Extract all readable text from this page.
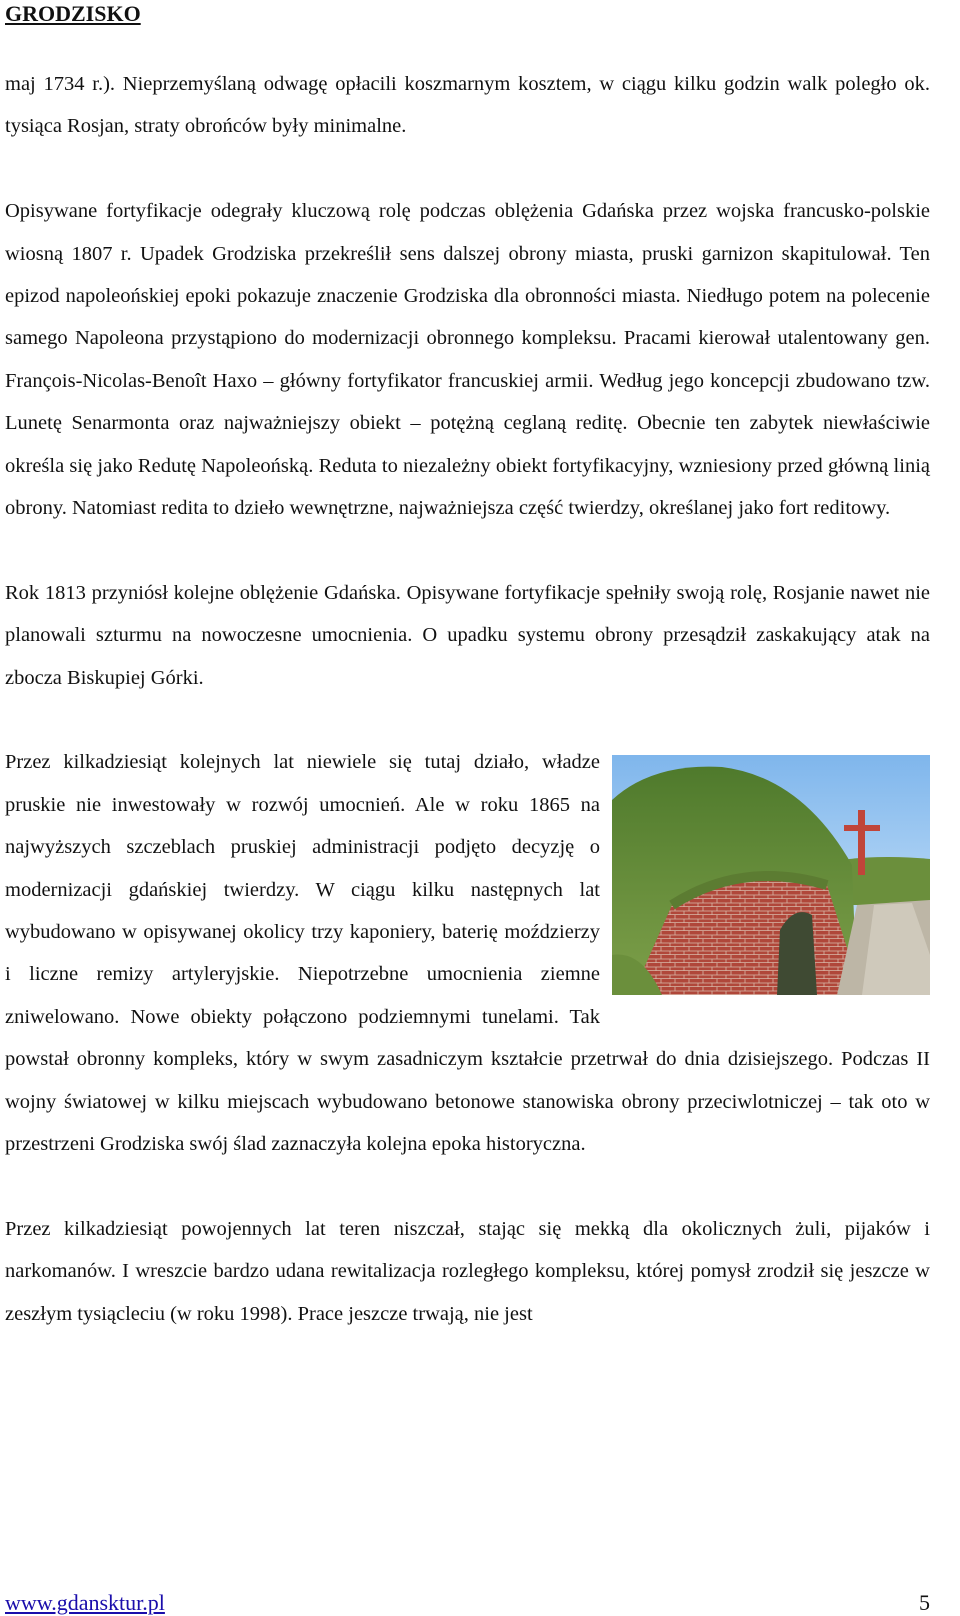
GRODZISKO

maj 1734 r.). Nieprzemyślaną odwagę opłacili koszmarnym kosztem, w ciągu kilku godzin walk poległo ok. tysiąca Rosjan, straty obrońców były minimalne.

Opisywane fortyfikacje odegrały kluczową rolę podczas oblężenia Gdańska przez wojska francusko-polskie wiosną 1807 r. Upadek Grodziska przekreślił sens dalszej obrony miasta, pruski garnizon skapitulował. Ten epizod napoleońskiej epoki pokazuje znaczenie Grodziska dla obronności miasta. Niedługo potem na polecenie samego Napoleona przystąpiono do modernizacji obronnego kompleksu. Pracami kierował utalentowany gen. François-Nicolas-Benoît Haxo – główny fortyfikator francuskiej armii. Według jego koncepcji zbudowano tzw. Lunetę Senarmonta oraz najważniejszy obiekt – potężną ceglaną reditę. Obecnie ten zabytek niewłaściwie określa się jako Redutę Napoleońską. Reduta to niezależny obiekt fortyfikacyjny, wzniesiony przed główną linią obrony. Natomiast redita to dzieło wewnętrzne, najważniejsza część twierdzy, określanej jako fort reditowy.

Rok 1813 przyniósł kolejne oblężenie Gdańska. Opisywane fortyfikacje spełniły swoją rolę, Rosjanie nawet nie planowali szturmu na nowoczesne umocnienia. O upadku systemu obrony przesądził zaskakujący atak na zbocza Biskupiej Górki.

Przez kilkadziesiąt kolejnych lat niewiele się tutaj działo, władze pruskie nie inwestowały w rozwój umocnień. Ale w roku 1865 na najwyższych szczeblach pruskiej administracji podjęto decyzję o modernizacji gdańskiej twierdzy. W ciągu kilku następnych lat wybudowano w opisywanej okolicy trzy kaponiery, baterię moździerzy i liczne remizy artyleryjskie. Niepotrzebne umocnienia ziemne zniwelowano. Nowe obiekty połączono podziemnymi tunelami. Tak powstał obronny kompleks, który w swym zasadniczym kształcie przetrwał do dnia dzisiejszego. Podczas II wojny światowej w kilku miejscach wybudowano betonowe stanowiska obrony przeciwlotniczej – tak oto w przestrzeni Grodziska swój ślad zaznaczyła kolejna epoka historyczna.

Przez kilkadziesiąt powojennych lat teren niszczał, stając się mekką dla okolicznych żuli, pijaków i narkomanów. I wreszcie bardzo udana rewitalizacja rozległego kompleksu, której pomysł zrodził się jeszcze w zeszłym tysiącleciu (w roku 1998). Prace jeszcze trwają, nie jest

www.gdansktur.pl	5
